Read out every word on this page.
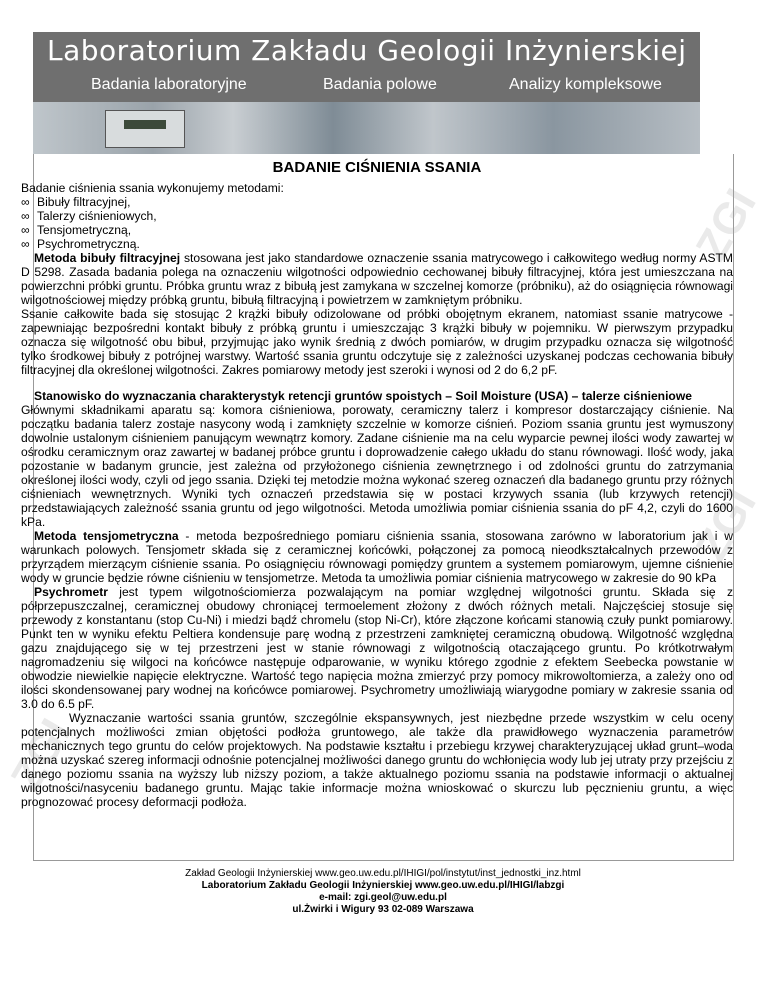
Laboratorium Zakładu Geologii Inżynierskiej
Badania laboratoryjne	Badania polowe	Analizy kompleksowe
ZGI
ZGI
ZGI
BADANIE CIŚNIENIA SSANIA

Badanie ciśnienia ssania wykonujemy metodami:

∞ Bibuły filtracyjnej,
∞ Talerzy ciśnieniowych,
∞ Tensjometryczną,
∞ Psychrometryczną.

Metoda bibuły filtracyjnej stosowana jest jako standardowe oznaczenie ssania matrycowego i całkowitego według normy ASTM D 5298. Zasada badania polega na oznaczeniu wilgotności odpowiednio cechowanej bibuły filtracyjnej, która jest umieszczana na powierzchni próbki gruntu. Próbka gruntu wraz z bibułą jest zamykana w szczelnej komorze (próbniku), aż do osiągnięcia równowagi wilgotnościowej między próbką gruntu, bibułą filtracyjną i powietrzem w zamkniętym próbniku.

Ssanie całkowite bada się stosując 2 krążki bibuły odizolowane od próbki obojętnym ekranem, natomiast ssanie matrycowe - zapewniając bezpośredni kontakt bibuły z próbką gruntu i umieszczając 3 krążki bibuły w pojemniku. W pierwszym przypadku oznacza się wilgotność obu bibuł, przyjmując jako wynik średnią z dwóch pomiarów, w drugim przypadku oznacza się wilgotność tylko środkowej bibuły z potrójnej warstwy. Wartość ssania gruntu odczytuje się z zależności uzyskanej podczas cechowania bibuły filtracyjnej dla określonej wilgotności. Zakres pomiarowy metody jest szeroki i wynosi od 2 do 6,2 pF.

Stanowisko do wyznaczania charakterystyk retencji gruntów spoistych – Soil Moisture (USA) – talerze ciśnieniowe

Głównymi składnikami aparatu są: komora ciśnieniowa, porowaty, ceramiczny talerz i kompresor dostarczający ciśnienie. Na początku badania talerz zostaje nasycony wodą i zamknięty szczelnie w komorze ciśnień. Poziom ssania gruntu jest wymuszony dowolnie ustalonym ciśnieniem panującym wewnątrz komory. Zadane ciśnienie ma na celu wyparcie pewnej ilości wody zawartej w ośrodku ceramicznym oraz zawartej w badanej próbce gruntu i doprowadzenie całego układu do stanu równowagi. Ilość wody, jaka pozostanie w badanym gruncie, jest zależna od przyłożonego ciśnienia zewnętrznego i od zdolności gruntu do zatrzymania określonej ilości wody, czyli od jego ssania. Dzięki tej metodzie można wykonać szereg oznaczeń dla badanego gruntu przy różnych ciśnieniach wewnętrznych. Wyniki tych oznaczeń przedstawia się w postaci krzywych ssania (lub krzywych retencji) przedstawiających zależność ssania gruntu od jego wilgotności. Metoda umożliwia pomiar ciśnienia ssania do pF 4,2, czyli do 1600 kPa.

Metoda tensjometryczna - metoda bezpośredniego pomiaru ciśnienia ssania, stosowana zarówno w laboratorium jak i w warunkach polowych. Tensjometr składa się z ceramicznej końcówki, połączonej za pomocą nieodkształcalnych przewodów z przyrządem mierzącym ciśnienie ssania. Po osiągnięciu równowagi pomiędzy gruntem a systemem pomiarowym, ujemne ciśnienie wody w gruncie będzie równe ciśnieniu w tensjometrze. Metoda ta umożliwia pomiar ciśnienia matrycowego w zakresie do 90 kPa

Psychrometr jest typem wilgotnościomierza pozwalającym na pomiar względnej wilgotności gruntu. Składa się z półprzepuszczalnej, ceramicznej obudowy chroniącej termoelement złożony z dwóch różnych metali. Najczęściej stosuje się przewody z konstantanu (stop Cu-Ni) i miedzi bądź chromelu (stop Ni-Cr), które złączone końcami stanowią czuły punkt pomiarowy. Punkt ten w wyniku efektu Peltiera kondensuje parę wodną z przestrzeni zamkniętej ceramiczną obudową. Wilgotność względna gazu znajdującego się w tej przestrzeni jest w stanie równowagi z wilgotnością otaczającego gruntu. Po krótkotrwałym nagromadzeniu się wilgoci na końcówce następuje odparowanie, w wyniku którego zgodnie z efektem Seebecka powstanie w obwodzie niewielkie napięcie elektryczne. Wartość tego napięcia można zmierzyć przy pomocy mikrowoltomierza, a zależy ono od ilości skondensowanej pary wodnej na końcówce pomiarowej. Psychrometry umożliwiają wiarygodne pomiary w zakresie ssania od 3.0 do 6.5 pF.

Wyznaczanie wartości ssania gruntów, szczególnie ekspansywnych, jest niezbędne przede wszystkim w celu oceny potencjalnych możliwości zmian objętości podłoża gruntowego, ale także dla prawidłowego wyznaczenia parametrów mechanicznych tego gruntu do celów projektowych. Na podstawie kształtu i przebiegu krzywej charakteryzującej układ grunt–woda można uzyskać szereg informacji odnośnie potencjalnej możliwości danego gruntu do wchłonięcia wody lub jej utraty przy przejściu z danego poziomu ssania na wyższy lub niższy poziom, a także aktualnego poziomu ssania na podstawie informacji o aktualnej wilgotności/nasyceniu badanego gruntu. Mając takie informacje można wnioskować o skurczu lub pęcznieniu gruntu, a więc prognozować procesy deformacji podłoża.

Zakład Geologii Inżynierskiej www.geo.uw.edu.pl/IHIGI/pol/instytut/inst_jednostki_inz.html
Laboratorium Zakładu Geologii Inżynierskiej www.geo.uw.edu.pl/IHIGI/labzgi
e-mail: zgi.geol@uw.edu.pl
ul.Żwirki i Wigury 93 02-089 Warszawa
